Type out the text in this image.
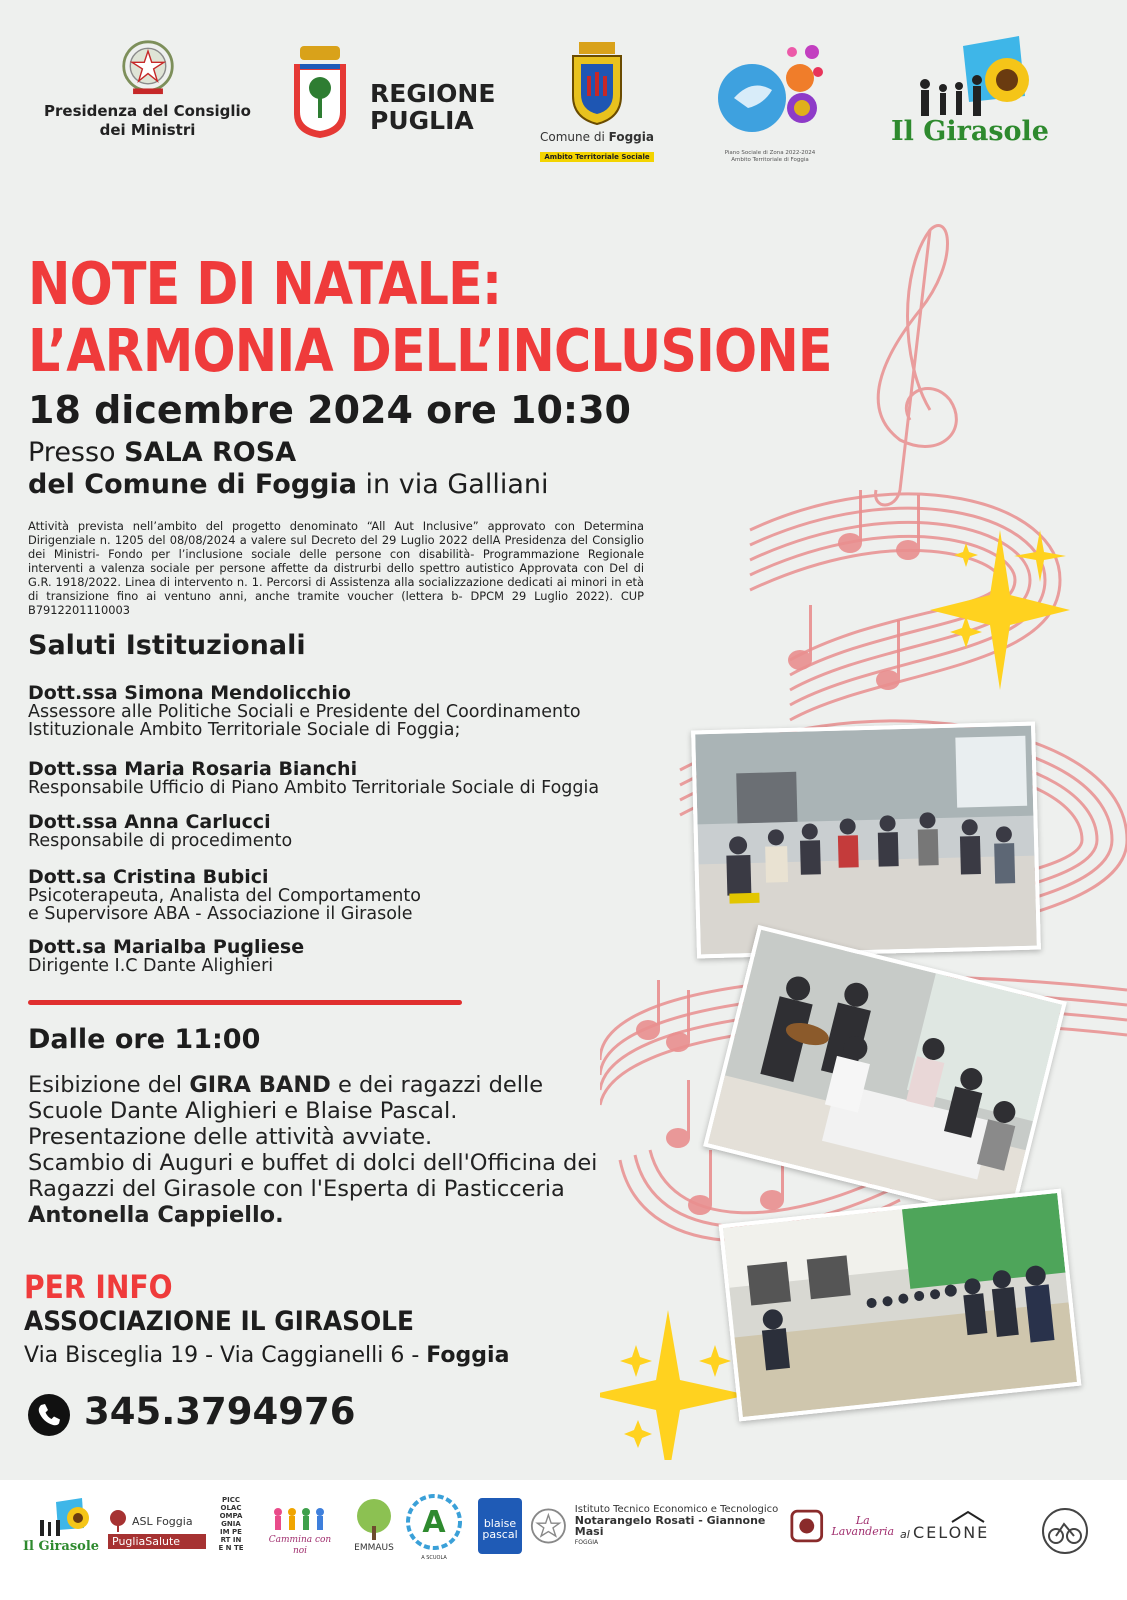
Presidenza del Consiglio
dei Ministri
REGIONE
PUGLIA
Comune di Foggia
Ambito Territoriale Sociale	Piano Sociale di Zona 2022-2024
Ambito Territoriale di Foggia
Il Girasole
NOTE DI NATALE:
L’ARMONIA DELL’INCLUSIONE
18 dicembre 2024 ore 10:30
Presso SALA ROSA
del Comune di Foggia in via Galliani
Attività prevista nell’ambito del progetto denominato “All Aut Inclusive” approvato con Determina Dirigenziale n. 1205 del 08/08/2024 a valere sul Decreto del 29 Luglio 2022 dellA Presidenza del Consiglio dei Ministri- Fondo per l’inclusione sociale delle persone con disabilità- Programmazione Regionale interventi a valenza sociale per persone affette da distrurbi dello spettro autistico Approvata con Del di G.R. 1918/2022. Linea di intervento n. 1. Percorsi di Assistenza alla socializzazione dedicati ai minori in età di transizione fino ai ventuno anni, anche tramite voucher (lettera b- DPCM 29 Luglio 2022). CUP B7912201110003
Saluti Istituzionali
Dott.ssa Simona Mendolicchio
Assessore alle Politiche Sociali e Presidente del Coordinamento
Istituzionale Ambito Territoriale Sociale di Foggia;
Dott.ssa Maria Rosaria Bianchi
Responsabile Ufficio di Piano Ambito Territoriale Sociale di Foggia
Dott.ssa Anna Carlucci
Responsabile di procedimento
Dott.sa Cristina Bubici
Psicoterapeuta, Analista del Comportamento
e Supervisore ABA - Associazione il Girasole
Dott.sa Marialba Pugliese
Dirigente I.C Dante Alighieri
Dalle ore 11:00
Esibizione del GIRA BAND e dei ragazzi delle Scuole Dante Alighieri e Blaise Pascal.
Presentazione delle attività avviate.
Scambio di Auguri e buffet di dolci dell'Officina dei Ragazzi del Girasole con l'Esperta di Pasticceria Antonella Cappiello.
PER INFO
ASSOCIAZIONE IL GIRASOLE
Via Bisceglia 19 - Via Caggianelli 6 - Foggia
345.3794976
Il Girasole
ASL Foggia
PugliaSalute
PICC
OLAC
OMPA
GNIA
IM PE
RT IN
E N TE
Cammina con noi	EMMAUS
A
A SCUOLA
blaise
pascal
Istituto Tecnico Economico e Tecnologico
Notarangelo Rosati - Giannone Masi
FOGGIA
La Lavanderia al CELONE
